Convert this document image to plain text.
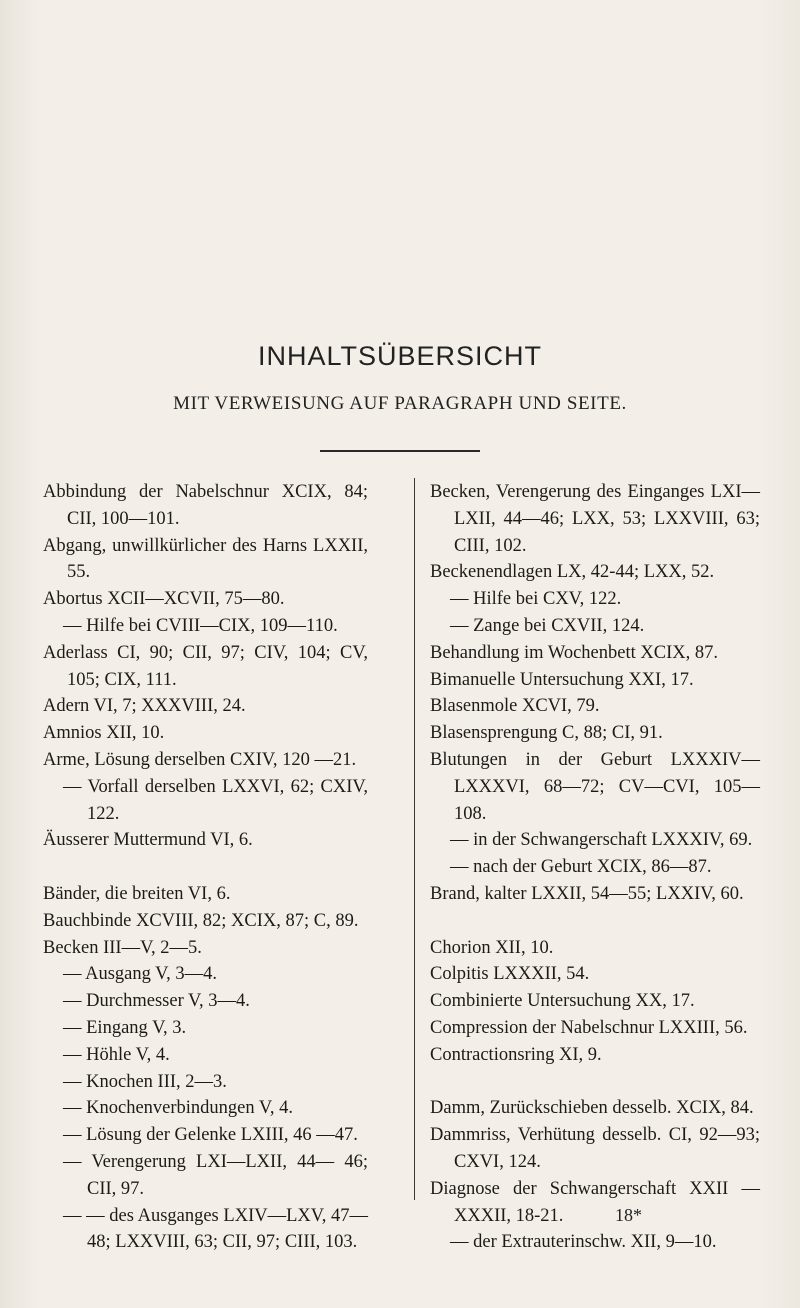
INHALTSÜBERSICHT
MIT VERWEISUNG AUF PARAGRAPH UND SEITE.
Abbindung der Nabelschnur XCIX, 84; CII, 100—101.
Abgang, unwillkürlicher des Harns LXXII, 55.
Abortus XCII—XCVII, 75—80.
— Hilfe bei CVIII—CIX, 109—110.
Aderlass CI, 90; CII, 97; CIV, 104; CV, 105; CIX, 111.
Adern VI, 7; XXXVIII, 24.
Amnios XII, 10.
Arme, Lösung derselben CXIV, 120 —21.
— Vorfall derselben LXXVI, 62; CXIV, 122.
Äusserer Muttermund VI, 6.
Bänder, die breiten VI, 6.
Bauchbinde XCVIII, 82; XCIX, 87; C, 89.
Becken III—V, 2—5.
— Ausgang V, 3—4.
— Durchmesser V, 3—4.
— Eingang V, 3.
— Höhle V, 4.
— Knochen III, 2—3.
— Knochenverbindungen V, 4.
— Lösung der Gelenke LXIII, 46 —47.
— Verengerung LXI—LXII, 44— 46; CII, 97.
— — des Ausganges LXIV—LXV, 47—48; LXXVIII, 63; CII, 97; CIII, 103.
Becken, Verengerung des Einganges LXI—LXII, 44—46; LXX, 53; LXXVIII, 63; CIII, 102.
Beckenendlagen LX, 42-44; LXX, 52.
— Hilfe bei CXV, 122.
— Zange bei CXVII, 124.
Behandlung im Wochenbett XCIX, 87.
Bimanuelle Untersuchung XXI, 17.
Blasenmole XCVI, 79.
Blasensprengung C, 88; CI, 91.
Blutungen in der Geburt LXXXIV— LXXXVI, 68—72; CV—CVI, 105—108.
— in der Schwangerschaft LXXXIV, 69.
— nach der Geburt XCIX, 86—87.
Brand, kalter LXXII, 54—55; LXXIV, 60.
Chorion XII, 10.
Colpitis LXXXII, 54.
Combinierte Untersuchung XX, 17.
Compression der Nabelschnur LXXIII, 56.
Contractionsring XI, 9.
Damm, Zurückschieben desselb. XCIX, 84.
Dammriss, Verhütung desselb. CI, 92—93; CXVI, 124.
Diagnose der Schwangerschaft XXII —XXXII, 18-21.
— der Extrauterinschw. XII, 9—10.
18*
